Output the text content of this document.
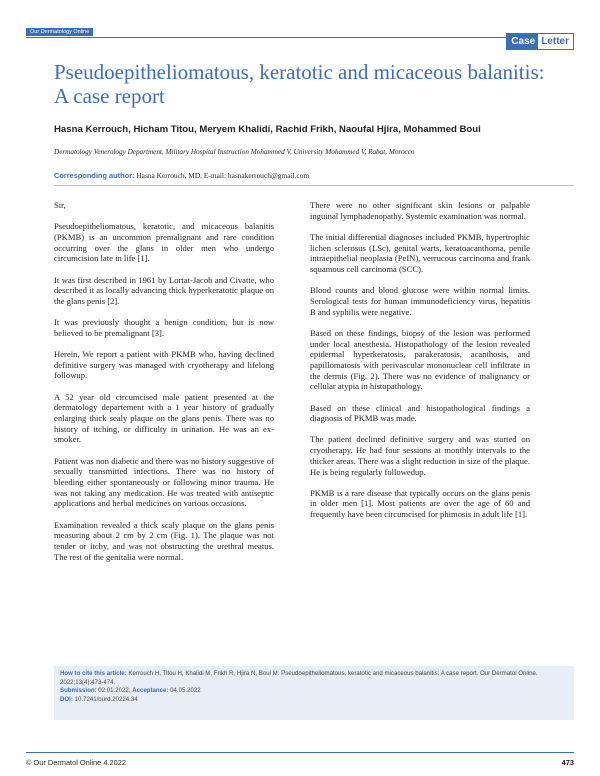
Our Dermatology Online
Case Letter
Pseudoepitheliomatous, keratotic and micaceous balanitis: A case report
Hasna Kerrouch, Hicham Titou, Meryem Khalidi, Rachid Frikh, Naoufal Hjira, Mohammed Boui
Dermatology Venerology Department, Military Hospital Instruction Mohammed V, University Mohammed V, Rabat, Morocco
Corresponding author: Hasna Kerrouch, MD, E-mail: hasnakerrouch@gmail.com

Sir,

Pseudoepitheliomatous, keratotic, and micaceous balanitis (PKMB) is an uncommon premalignant and rare condition occurring over the glans in older men who undergo circumcision late in life [1].

It was first described in 1961 by Lortat-Jacob and Civatte, who described it as locally advancing thick hyperkeratotic plaque on the glans penis [2].

It was previously thought a benign condition, but is now believed to be premalignant [3].

Herein, We report a patient with PKMB who, having declined definitive surgery was managed with cryotherapy and lifelong followup.

A 52 year old circumcised male patient presented at the dermatology departement with a 1 year history of gradually enlarging thick sealy plaque on the glans penis. There was no history of itching, or difficulty in urination. He was an ex-smoker.

Patient was non diabetic and there was no history suggestive of sexually transmitted infections. There was no history of bleeding either spontaneously or following minor trauma. He was not taking any medication. He was treated with antiseptic applications and herbal medicines on various occasions.

Examination revealed a thick scaly plaque on the glans penis measuring about 2 cm by 2 cm (Fig. 1). The plaque was not tender or itchy, and was not obstructing the urethral meatus. The rest of the genitalia were normal.

There were no other significant skin lesions or palpable inguinal lymphadenopathy. Systemic examination was normal.

The initial differential diagnoses included PKMB, hypertrophic lichen sclerosus (LSc), genital warts, keratoacanthoma, penile intraepithelial neoplasia (PeIN), verrucous carcinoma and frank squamous cell carcinoma (SCC).

Blood counts and blood glucose were within normal limits. Serological tests for human immunodeficiency virus, hepatitis B and syphilis were negative.

Based on these findings, biopsy of the lesion was performed under local anesthesia. Histopathology of the lesion revealed epidermal hyperkeratosis, parakeratosis, acanthosis, and papillomatosis with perivascular mononuclear cell infiltrate in the dermis (Fig. 2). There was no evidence of malignancy or cellular atypia in histopathology.

Based on these clinical and histopathological findings a diagnosis of PKMB was made.

The patient declined definitive surgery and was started on cryotherapy. He had four sessions at monthly intervals to the thicker areas. There was a slight reduction in size of the plaque. He is being regularly followedup.

PKMB is a rare disease that typically occurs on the glans penis in older men [1]. Most patients are over the age of 60 and frequently have been circumcised for phimosis in adult life [1].

How to cite this article: Kerrouch H, Titou H, Khalidi M, Frikh R, Hjira N, Boui M. Pseudoepitheliomatous, keratotic and micaceous balanitis: A case report. Our Dermatol Online. 2022;13(4):473-474.
Submission: 02.01.2022; Acceptance: 04.05.2022
DOI: 10.7241/ourd.20224.34
© Our Dermatol Online 4.2022	473
